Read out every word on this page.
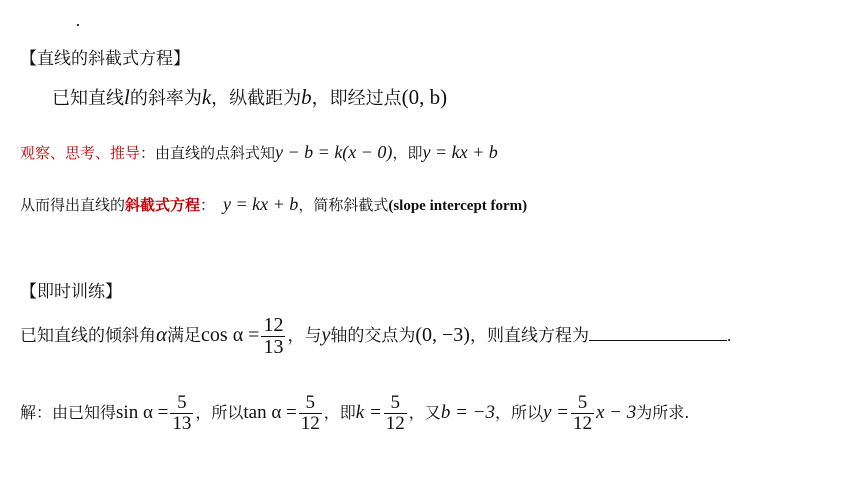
【直线的斜截式方程】
已知直线l的斜率为k，纵截距为b，即经过点(0, b)
观察、思考、推导：由直线的点斜式知y − b = k(x − 0)，即y = kx + b
从而得出直线的斜截式方程： y = kx + b，简称斜截式(slope intercept form)
【即时训练】
已知直线的倾斜角α满足$\cos \alpha = \frac{12}{13}$ ，与y轴的交点为(0, −3)，则直线方程为	.
解：由已知得$\sin \alpha = \frac{5}{13}$ ，所以$\tan \alpha = \frac{5}{12}$ ，即$k = \frac{5}{12}$ ，又b = −3，所以$y = \frac{5}{12}$ x − 3为所求.
